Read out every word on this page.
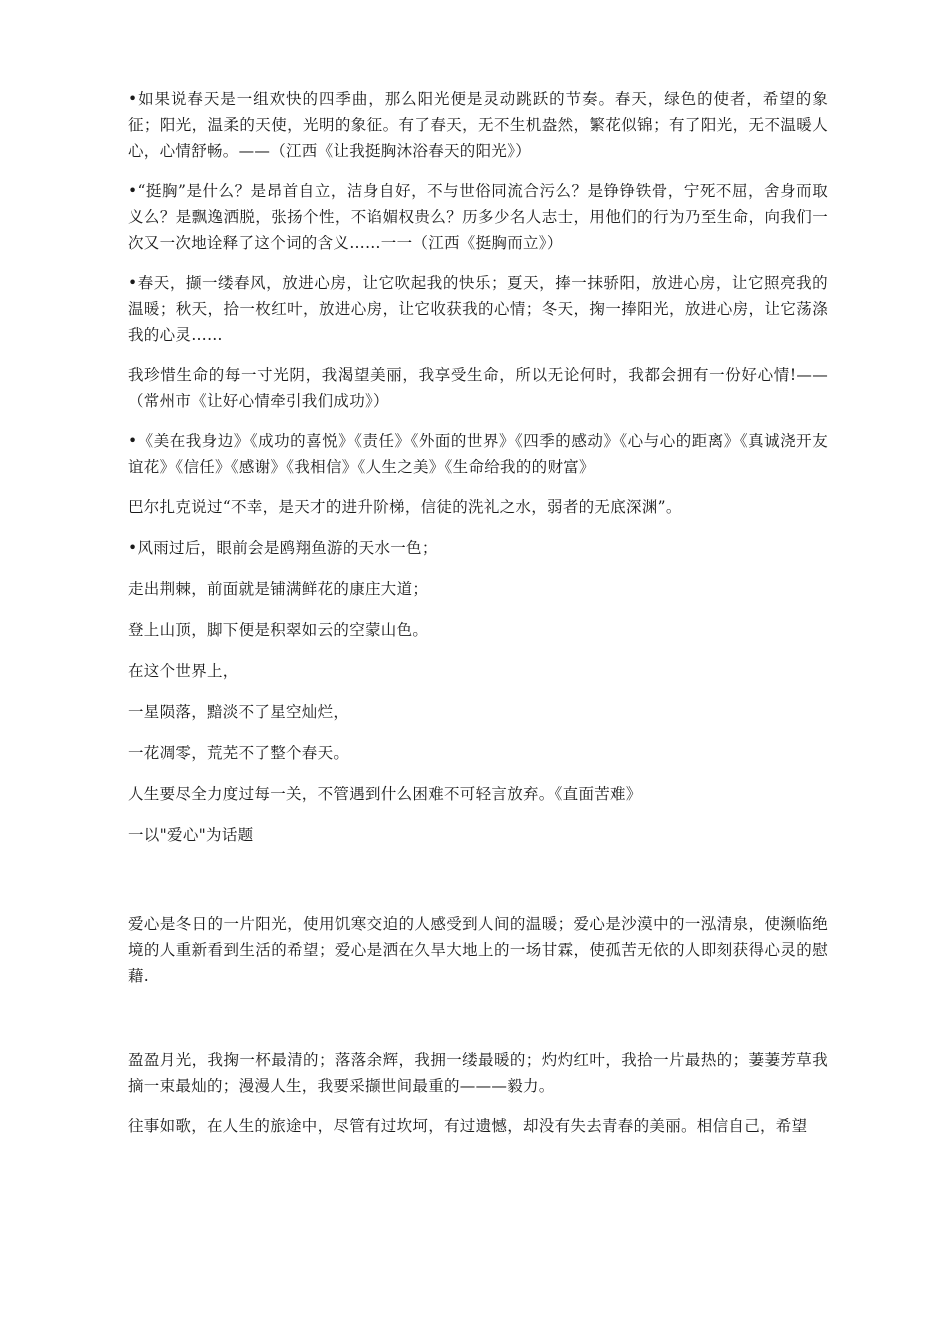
•如果说春天是一组欢快的四季曲，那么阳光便是灵动跳跃的节奏。春天，绿色的使者，希望的象征；阳光，温柔的天使，光明的象征。有了春天，无不生机盎然，繁花似锦；有了阳光，无不温暖人心，心情舒畅。——（江西《让我挺胸沐浴春天的阳光》）

•“挺胸”是什么？是昂首自立，洁身自好，不与世俗同流合污么？是铮铮铁骨，宁死不屈，舍身而取义么？是飘逸洒脱，张扬个性，不谄媚权贵么？历多少名人志士，用他们的行为乃至生命，向我们一次又一次地诠释了这个词的含义……一一（江西《挺胸而立》）

•春天，撷一缕春风，放进心房，让它吹起我的快乐；夏天，捧一抹骄阳，放进心房，让它照亮我的温暖；秋天，拾一枚红叶，放进心房，让它收获我的心情；冬天，掬一捧阳光，放进心房，让它荡涤我的心灵……

我珍惜生命的每一寸光阴，我渴望美丽，我享受生命，所以无论何时，我都会拥有一份好心情!——（常州市《让好心情牵引我们成功》）

•《美在我身边》《成功的喜悦》《责任》《外面的世界》《四季的感动》《心与心的距离》《真诚浇开友谊花》《信任》《感谢》《我相信》《人生之美》《生命给我的的财富》

巴尔扎克说过“不幸，是天才的进升阶梯，信徒的洗礼之水，弱者的无底深渊”。

•风雨过后，眼前会是鸥翔鱼游的天水一色；

走出荆棘，前面就是铺满鲜花的康庄大道；

登上山顶，脚下便是积翠如云的空蒙山色。

在这个世界上，

一星陨落，黯淡不了星空灿烂，

一花凋零，荒芜不了整个春天。

人生要尽全力度过每一关，不管遇到什么困难不可轻言放弃。《直面苦难》

一以"爱心"为话题

爱心是冬日的一片阳光，使用饥寒交迫的人感受到人间的温暖；爱心是沙漠中的一泓清泉，使濒临绝境的人重新看到生活的希望；爱心是洒在久旱大地上的一场甘霖，使孤苦无依的人即刻获得心灵的慰藉.

盈盈月光，我掬一杯最清的；落落余辉，我拥一缕最暖的；灼灼红叶，我拾一片最热的；萋萋芳草我摘一束最灿的；漫漫人生，我要采撷世间最重的———毅力。

往事如歌，在人生的旅途中，尽管有过坎坷，有过遗憾，却没有失去青春的美丽。相信自己，希望
